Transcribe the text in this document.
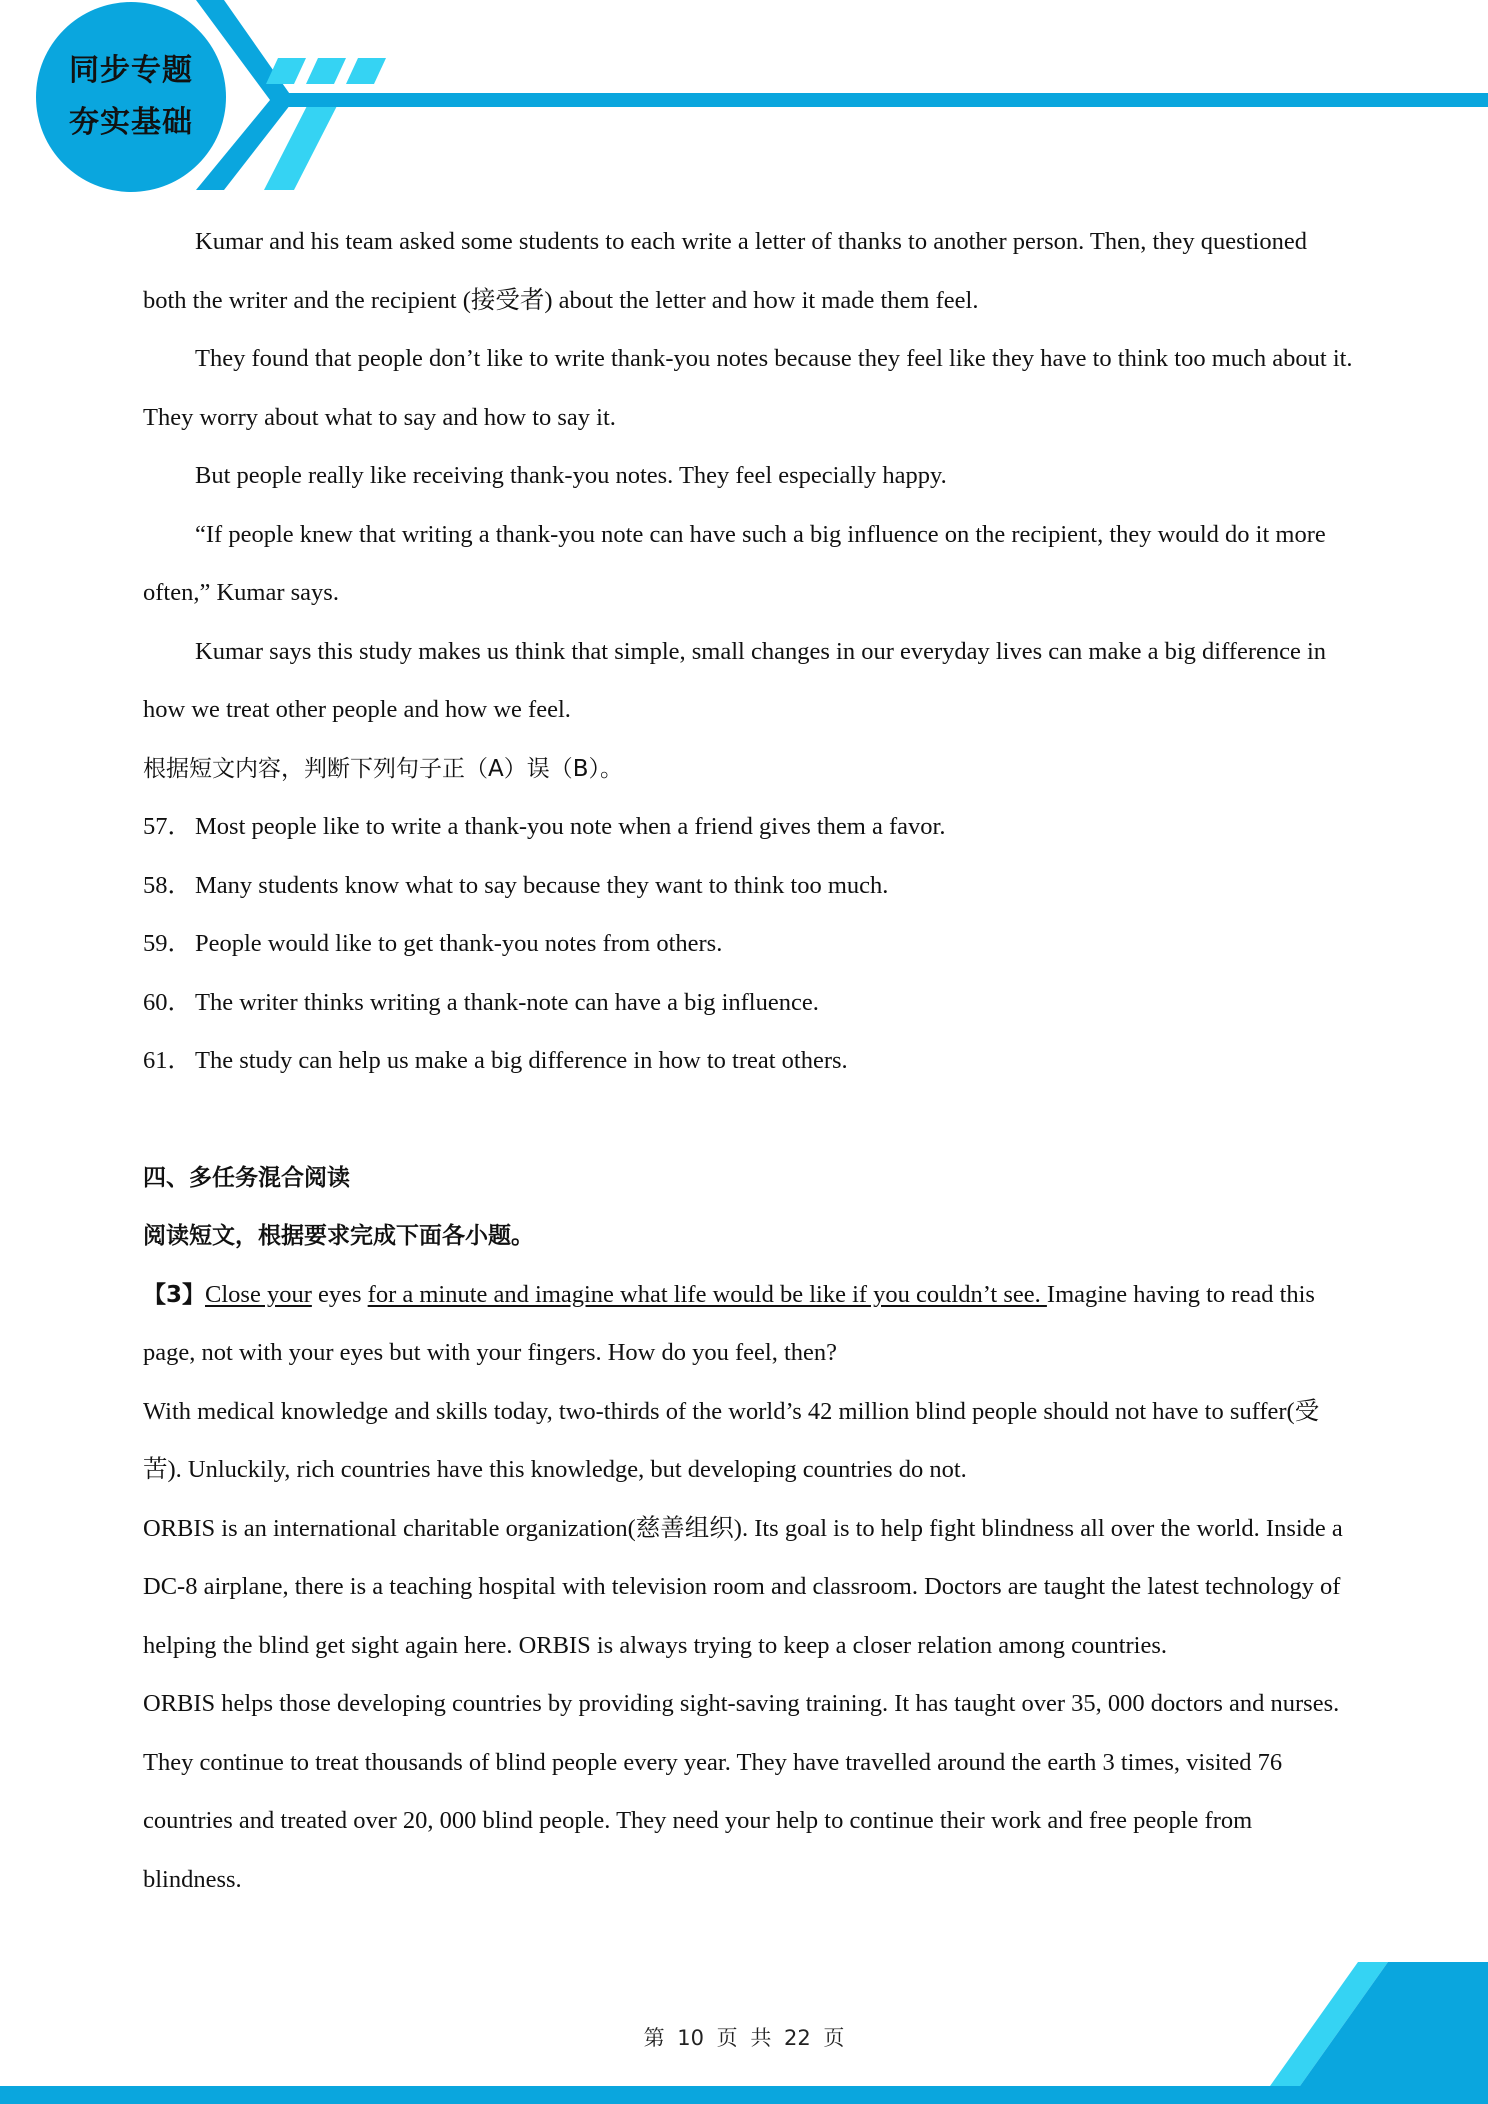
同步专题
夯实基础

Kumar and his team asked some students to each write a letter of thanks to another person. Then, they questioned both the writer and the recipient (接受者) about the letter and how it made them feel.

They found that people don’t like to write thank-you notes because they feel like they have to think too much about it. They worry about what to say and how to say it.

But people really like receiving thank-you notes. They feel especially happy.

“If people knew that writing a thank-you note can have such a big influence on the recipient, they would do it more often,” Kumar says.

Kumar says this study makes us think that simple, small changes in our everyday lives can make a big difference in how we treat other people and how we feel.

根据短文内容，判断下列句子正（A）误（B）。

57． Most people like to write a thank-you note when a friend gives them a favor.
58． Many students know what to say because they want to think too much.
59． People would like to get thank-you notes from others.
60． The writer thinks writing a thank-note can have a big influence.
61． The study can help us make a big difference in how to treat others.

四、多任务混合阅读

阅读短文，根据要求完成下面各小题。

【3】Close your eyes for a minute and imagine what life would be like if you couldn’t see. Imagine having to read this page, not with your eyes but with your fingers. How do you feel, then?

With medical knowledge and skills today, two-thirds of the world’s 42 million blind people should not have to suffer(受苦). Unluckily, rich countries have this knowledge, but developing countries do not.

ORBIS is an international charitable organization(慈善组织). Its goal is to help fight blindness all over the world. Inside a DC-8 airplane, there is a teaching hospital with television room and classroom. Doctors are taught the latest technology of helping the blind get sight again here. ORBIS is always trying to keep a closer relation among countries.

ORBIS helps those developing countries by providing sight-saving training. It has taught over 35, 000 doctors and nurses. They continue to treat thousands of blind people every year. They have travelled around the earth 3 times, visited 76 countries and treated over 20, 000 blind people. They need your help to continue their work and free people from blindness.

第 10 页 共 22 页
